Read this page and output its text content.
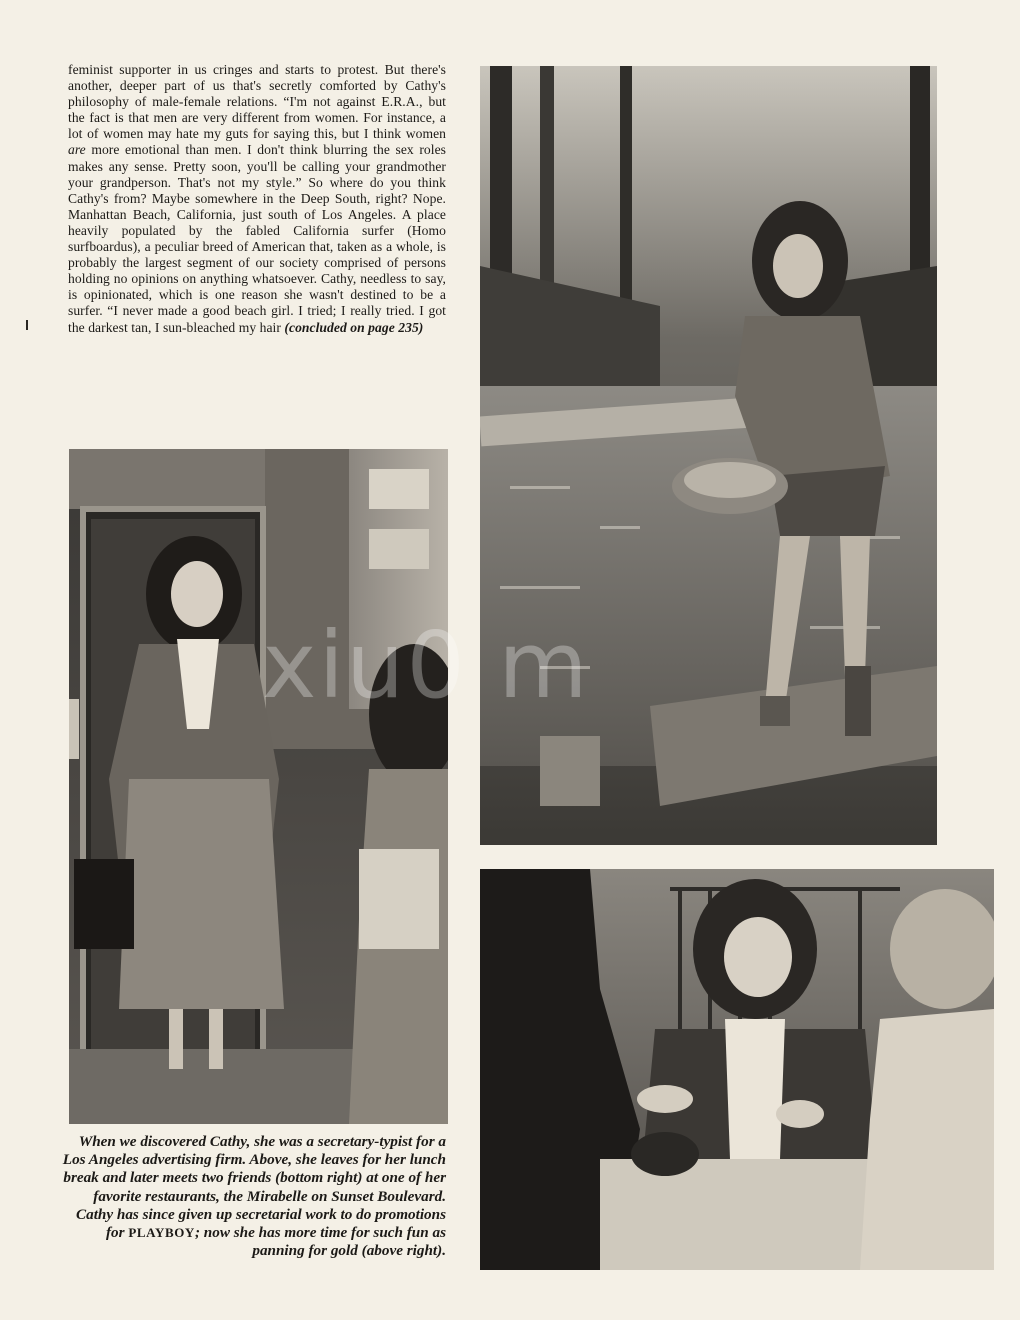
feminist supporter in us cringes and starts to protest. But there's another, deeper part of us that's secretly comforted by Cathy's philosophy of male-female relations. “I'm not against E.R.A., but the fact is that men are very different from women. For instance, a lot of women may hate my guts for saying this, but I think women are more emotional than men. I don't think blurring the sex roles makes any sense. Pretty soon, you'll be calling your grandmother your grandperson. That's not my style.” So where do you think Cathy's from? Maybe somewhere in the Deep South, right? Nope. Manhattan Beach, California, just south of Los Angeles. A place heavily populated by the fabled California surfer (Homo surfboardus), a peculiar breed of American that, taken as a whole, is probably the largest segment of our society comprised of persons holding no opinions on anything whatsoever. Cathy, needless to say, is opinionated, which is one reason she wasn't destined to be a surfer. “I never made a good beach girl. I tried; I really tried. I got the darkest tan, I sun-bleached my hair (concluded on page 235)

When we discovered Cathy, she was a secretary-typist for a Los Angeles advertising firm. Above, she leaves for her lunch break and later meets two friends (bottom right) at one of her favorite restaurants, the Mirabelle on Sunset Boulevard. Cathy has since given up secretarial work to do promotions for PLAYBOY; now she has more time for such fun as panning for gold (above right).
xiu0 m
